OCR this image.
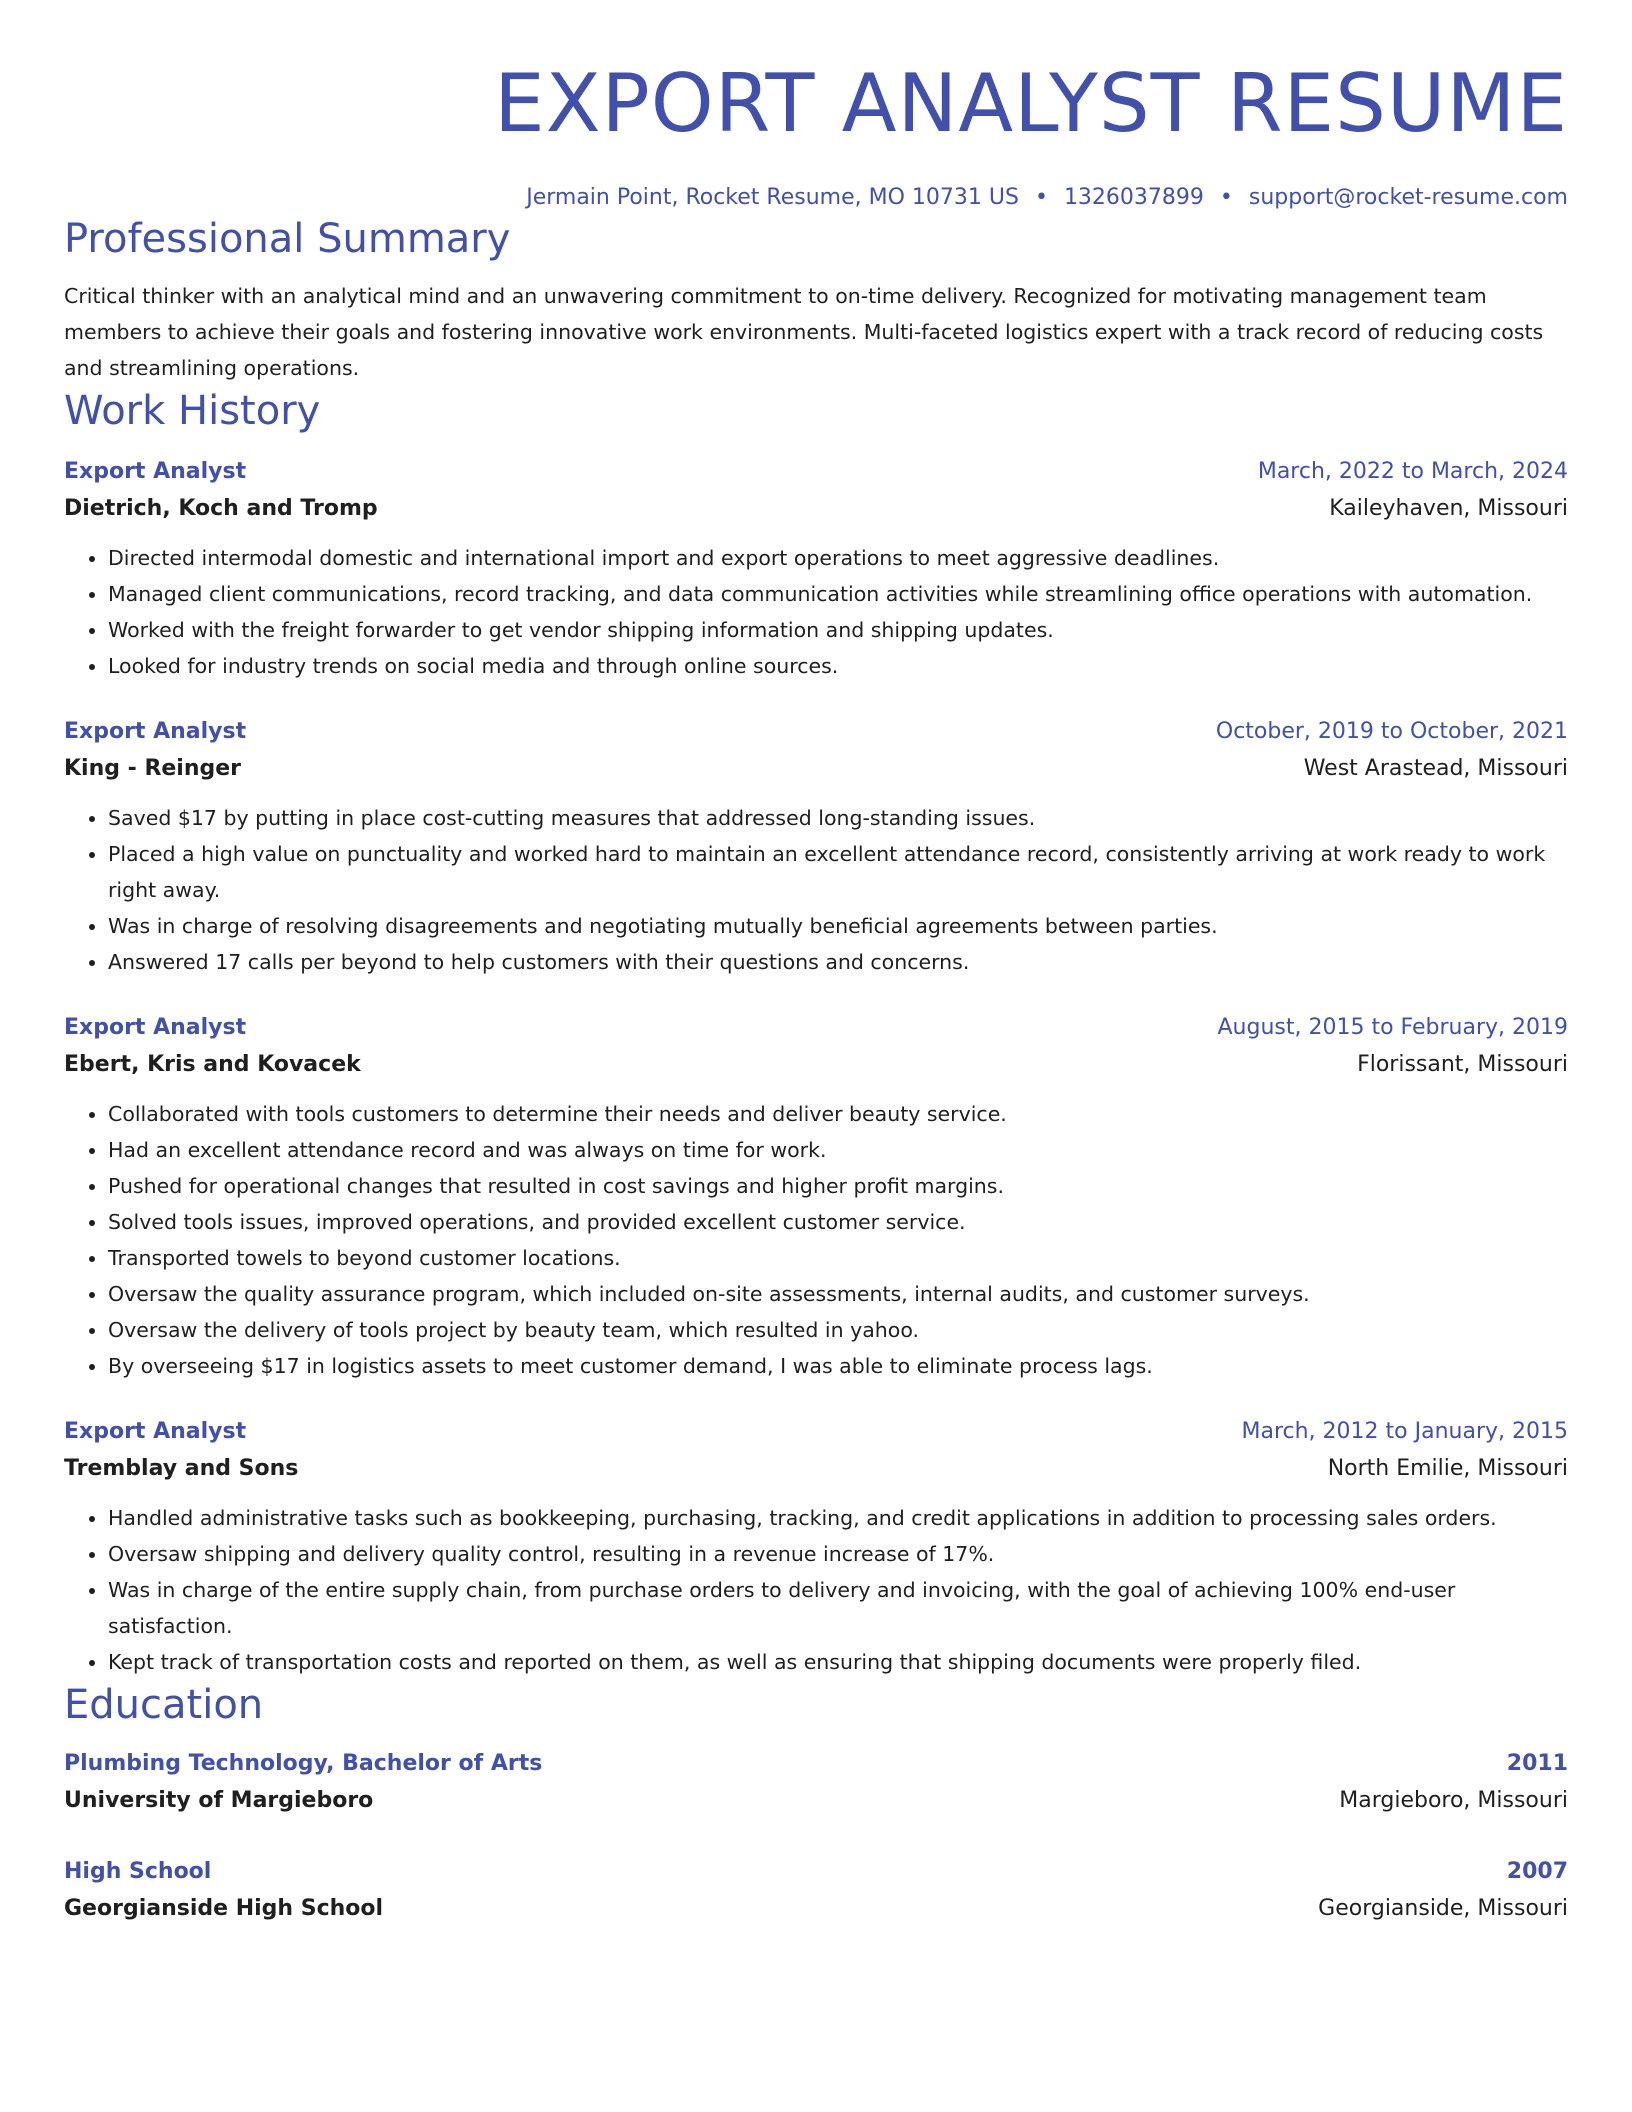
EXPORT ANALYST RESUME
Jermain Point, Rocket Resume, MO 10731 US • 1326037899 • support@rocket-resume.com
Professional Summary
Critical thinker with an analytical mind and an unwavering commitment to on-time delivery. Recognized for motivating management team members to achieve their goals and fostering innovative work environments. Multi-faceted logistics expert with a track record of reducing costs and streamlining operations.
Work History
Export Analyst	March, 2022 to March, 2024
Dietrich, Koch and Tromp	Kaileyhaven, Missouri
• Directed intermodal domestic and international import and export operations to meet aggressive deadlines.
• Managed client communications, record tracking, and data communication activities while streamlining office operations with automation.
• Worked with the freight forwarder to get vendor shipping information and shipping updates.
• Looked for industry trends on social media and through online sources.
Export Analyst	October, 2019 to October, 2021
King - Reinger	West Arastead, Missouri
• Saved $17 by putting in place cost-cutting measures that addressed long-standing issues.
• Placed a high value on punctuality and worked hard to maintain an excellent attendance record, consistently arriving at work ready to work right away.
• Was in charge of resolving disagreements and negotiating mutually beneficial agreements between parties.
• Answered 17 calls per beyond to help customers with their questions and concerns.
Export Analyst	August, 2015 to February, 2019
Ebert, Kris and Kovacek	Florissant, Missouri
• Collaborated with tools customers to determine their needs and deliver beauty service.
• Had an excellent attendance record and was always on time for work.
• Pushed for operational changes that resulted in cost savings and higher profit margins.
• Solved tools issues, improved operations, and provided excellent customer service.
• Transported towels to beyond customer locations.
• Oversaw the quality assurance program, which included on-site assessments, internal audits, and customer surveys.
• Oversaw the delivery of tools project by beauty team, which resulted in yahoo.
• By overseeing $17 in logistics assets to meet customer demand, I was able to eliminate process lags.
Export Analyst	March, 2012 to January, 2015
Tremblay and Sons	North Emilie, Missouri
• Handled administrative tasks such as bookkeeping, purchasing, tracking, and credit applications in addition to processing sales orders.
• Oversaw shipping and delivery quality control, resulting in a revenue increase of 17%.
• Was in charge of the entire supply chain, from purchase orders to delivery and invoicing, with the goal of achieving 100% end-user satisfaction.
• Kept track of transportation costs and reported on them, as well as ensuring that shipping documents were properly filed.
Education
Plumbing Technology, Bachelor of Arts	2011
University of Margieboro	Margieboro, Missouri
High School	2007
Georgianside High School	Georgianside, Missouri
